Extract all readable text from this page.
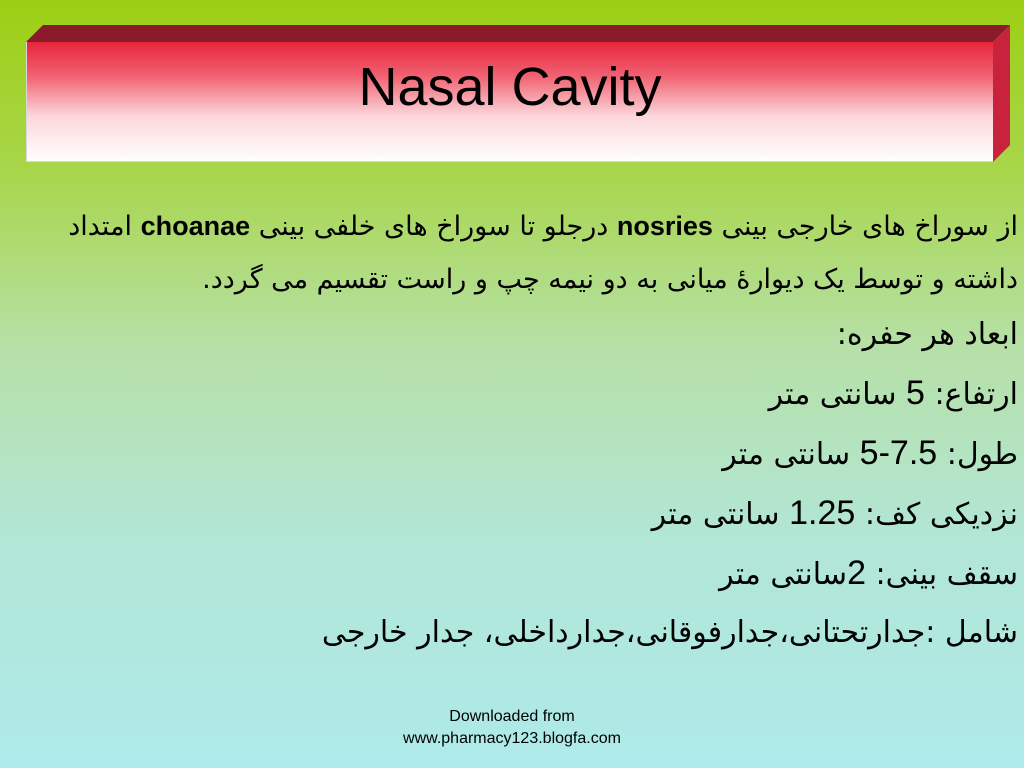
Nasal Cavity

از سوراخ های خارجی بینی nosries درجلو تا سوراخ های خلفی بینی choanae امتداد داشته و توسط یک دیوارۀ میانی به دو نیمه چپ و راست تقسیم می گردد.

ابعاد هر حفره:

ارتفاع: 5 سانتی متر

طول: 5-7.5 سانتی متر

نزدیکی کف: 1.25 سانتی متر

سقف بینی: 2سانتی متر

شامل :جدارتحتانی،جدارفوقانی،جدارداخلی، جدار خارجی

Downloaded from
www.pharmacy123.blogfa.com
